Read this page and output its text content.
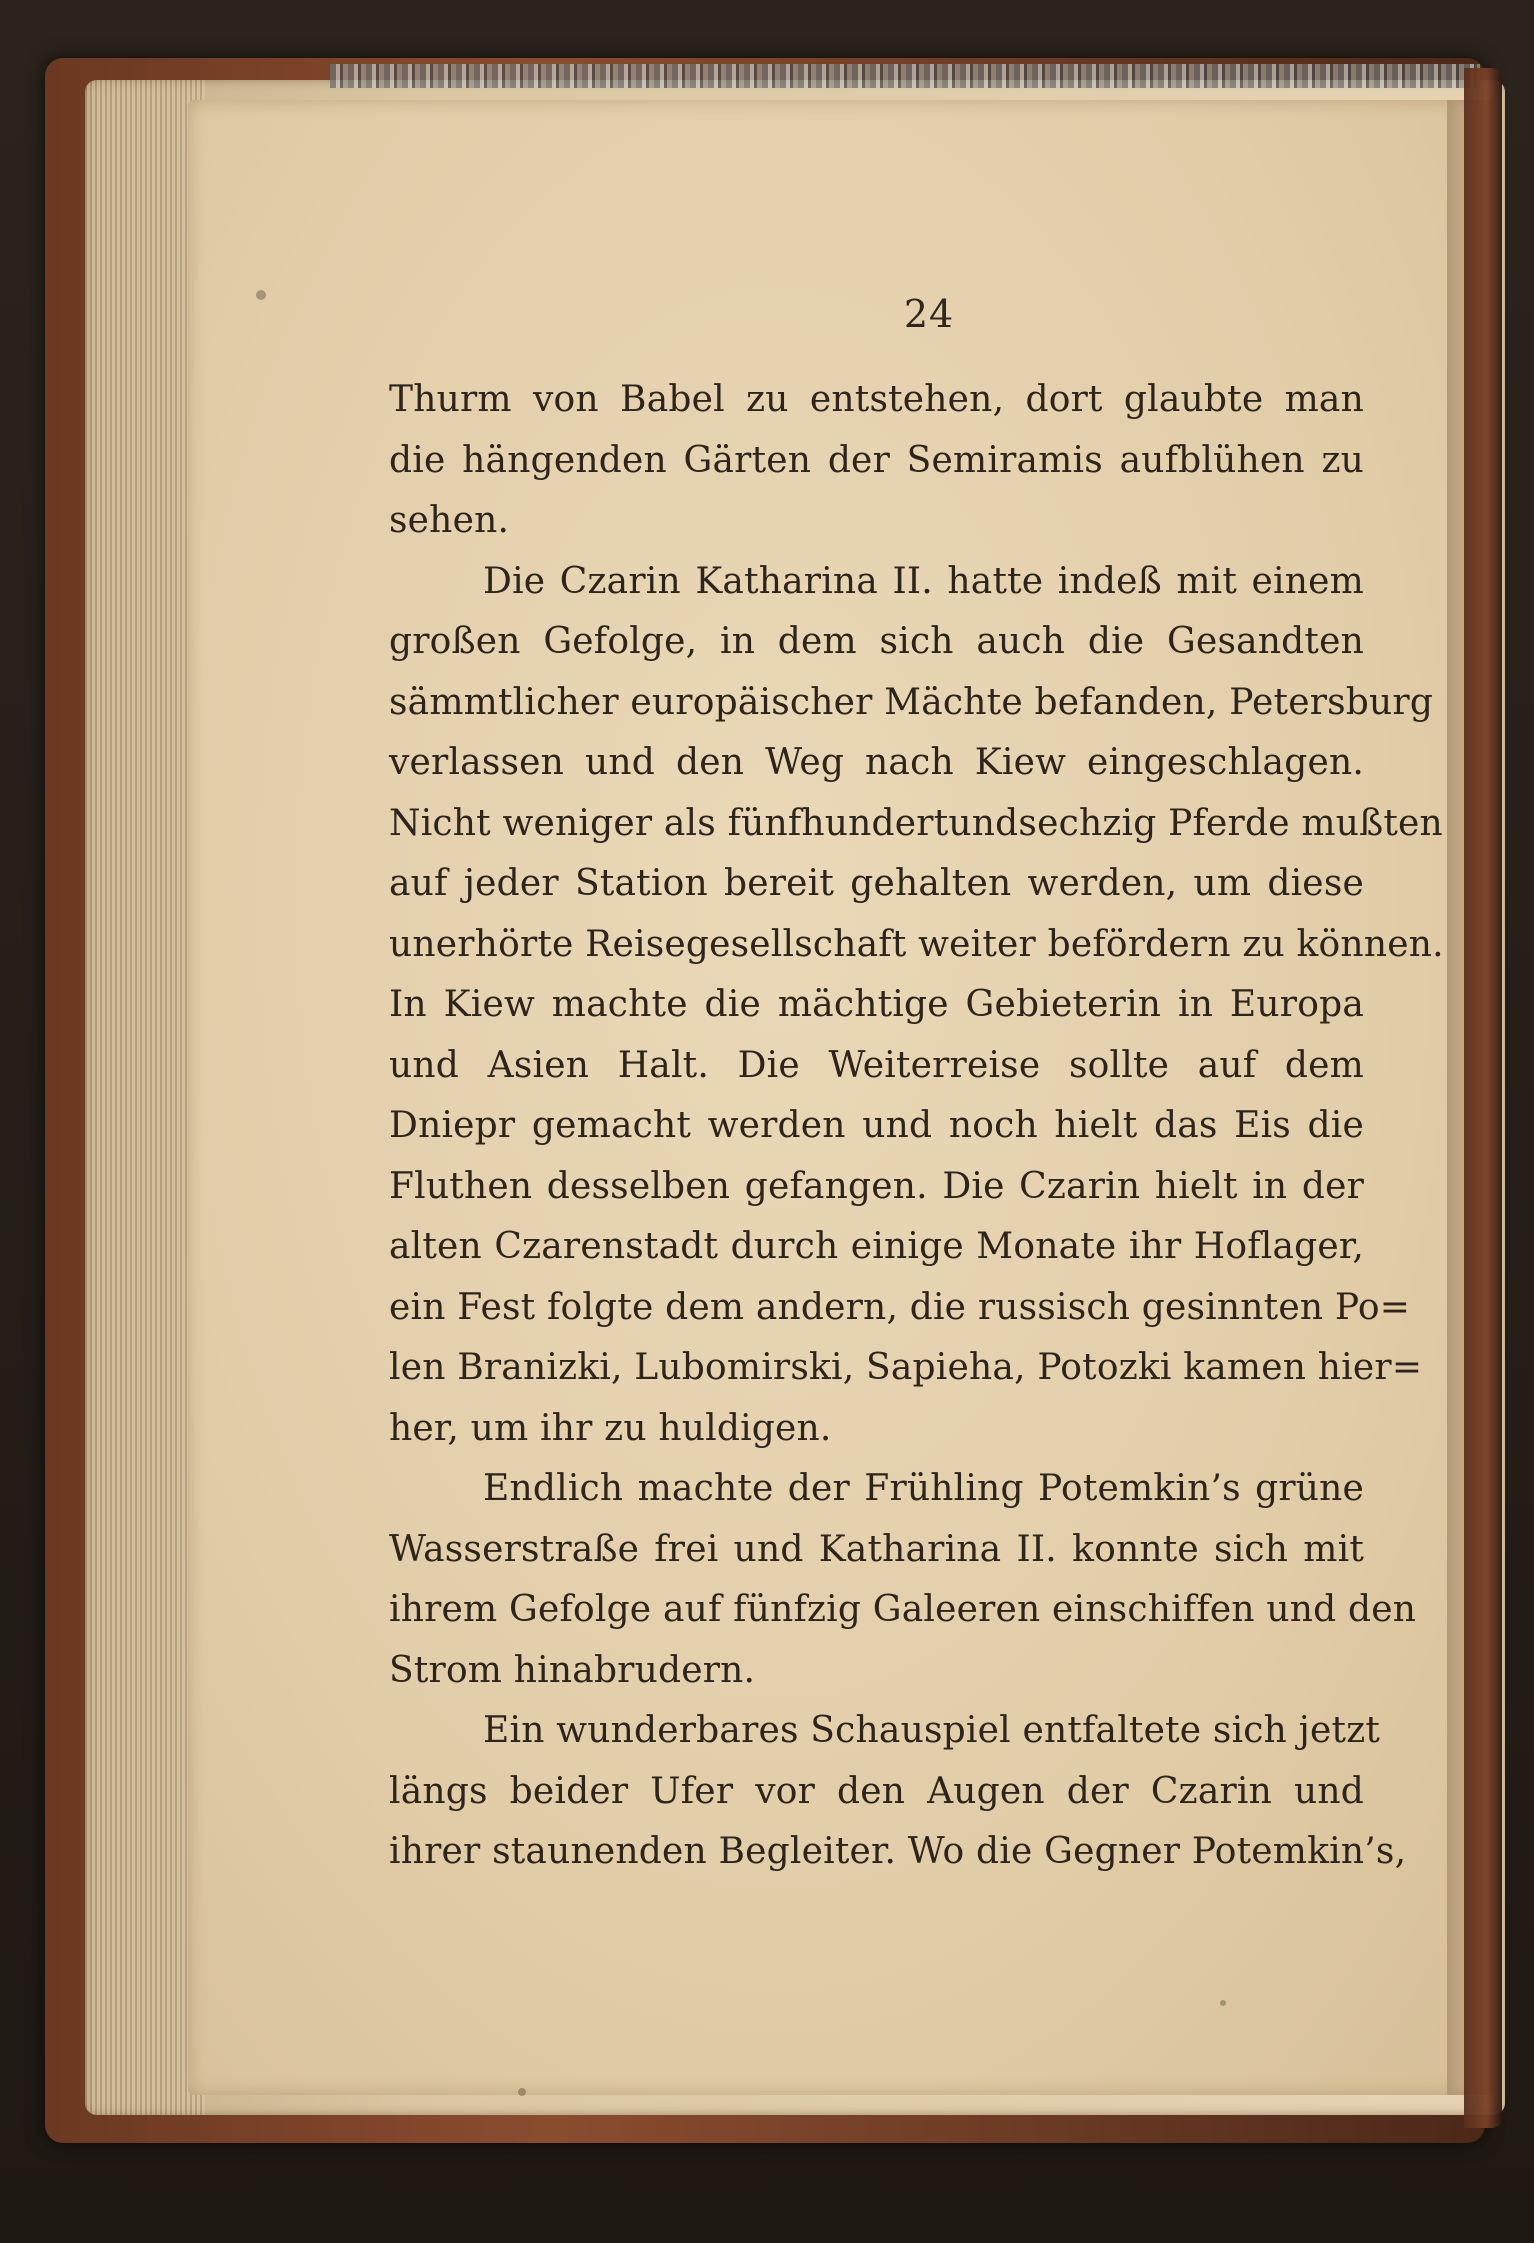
24
Thurm von Babel zu entstehen, dort glaubte man
die hängenden Gärten der Semiramis aufblühen zu
sehen.
Die Czarin Katharina II. hatte indeß mit einem
großen Gefolge, in dem sich auch die Gesandten
sämmtlicher europäischer Mächte befanden, Petersburg
verlassen und den Weg nach Kiew eingeschlagen.
Nicht weniger als fünfhundertundsechzig Pferde mußten
auf jeder Station bereit gehalten werden, um diese
unerhörte Reisegesellschaft weiter befördern zu können.
In Kiew machte die mächtige Gebieterin in Europa
und Asien Halt. Die Weiterreise sollte auf dem
Dniepr gemacht werden und noch hielt das Eis die
Fluthen desselben gefangen. Die Czarin hielt in der
alten Czarenstadt durch einige Monate ihr Hoflager,
ein Fest folgte dem andern, die russisch gesinnten Po=
len Branizki, Lubomirski, Sapieha, Potozki kamen hier=
her, um ihr zu huldigen.
Endlich machte der Frühling Potemkin’s grüne
Wasserstraße frei und Katharina II. konnte sich mit
ihrem Gefolge auf fünfzig Galeeren einschiffen und den
Strom hinabrudern.
Ein wunderbares Schauspiel entfaltete sich jetzt
längs beider Ufer vor den Augen der Czarin und
ihrer staunenden Begleiter. Wo die Gegner Potemkin’s,
